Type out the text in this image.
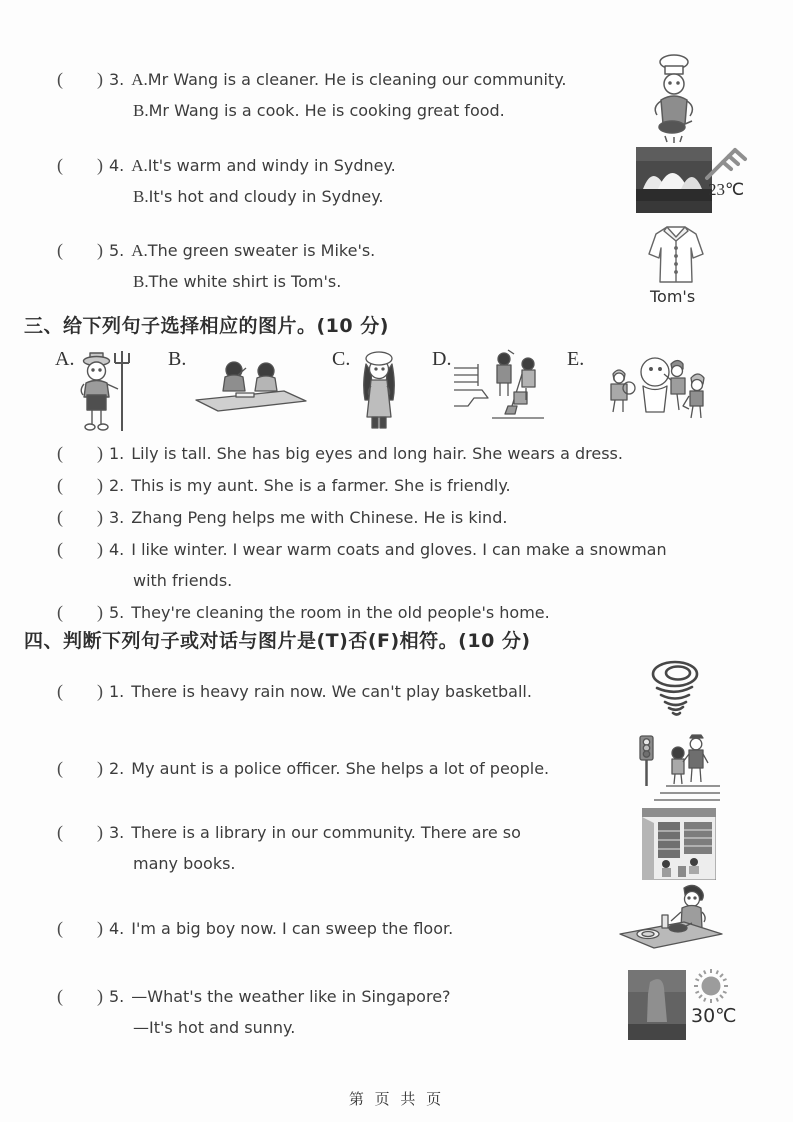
( ) 3. A.Mr Wang is a cleaner. He is cleaning our community.
B.Mr Wang is a cook. He is cooking great food.
( ) 4. A.It's warm and windy in Sydney.
B.It's hot and cloudy in Sydney.	23℃
( ) 5. A.The green sweater is Mike's.
B.The white shirt is Tom's.
Tom's
三、给下列句子选择相应的图片。(10 分)
A.	B.	C.	D.	E.
( ) 1. Lily is tall. She has big eyes and long hair. She wears a dress.
( ) 2. This is my aunt. She is a farmer. She is friendly.
( ) 3. Zhang Peng helps me with Chinese. He is kind.
( ) 4. I like winter. I wear warm coats and gloves. I can make a snowman
with friends.
( ) 5. They're cleaning the room in the old people's home.
四、判断下列句子或对话与图片是(T)否(F)相符。(10 分)
( ) 1. There is heavy rain now. We can't play basketball.
( ) 2. My aunt is a police officer. She helps a lot of people.
( ) 3. There is a library in our community. There are so
many books.
( ) 4. I'm a big boy now. I can sweep the floor.
( ) 5. —What's the weather like in Singapore?
—It's hot and sunny.
30℃
第 页 共 页
